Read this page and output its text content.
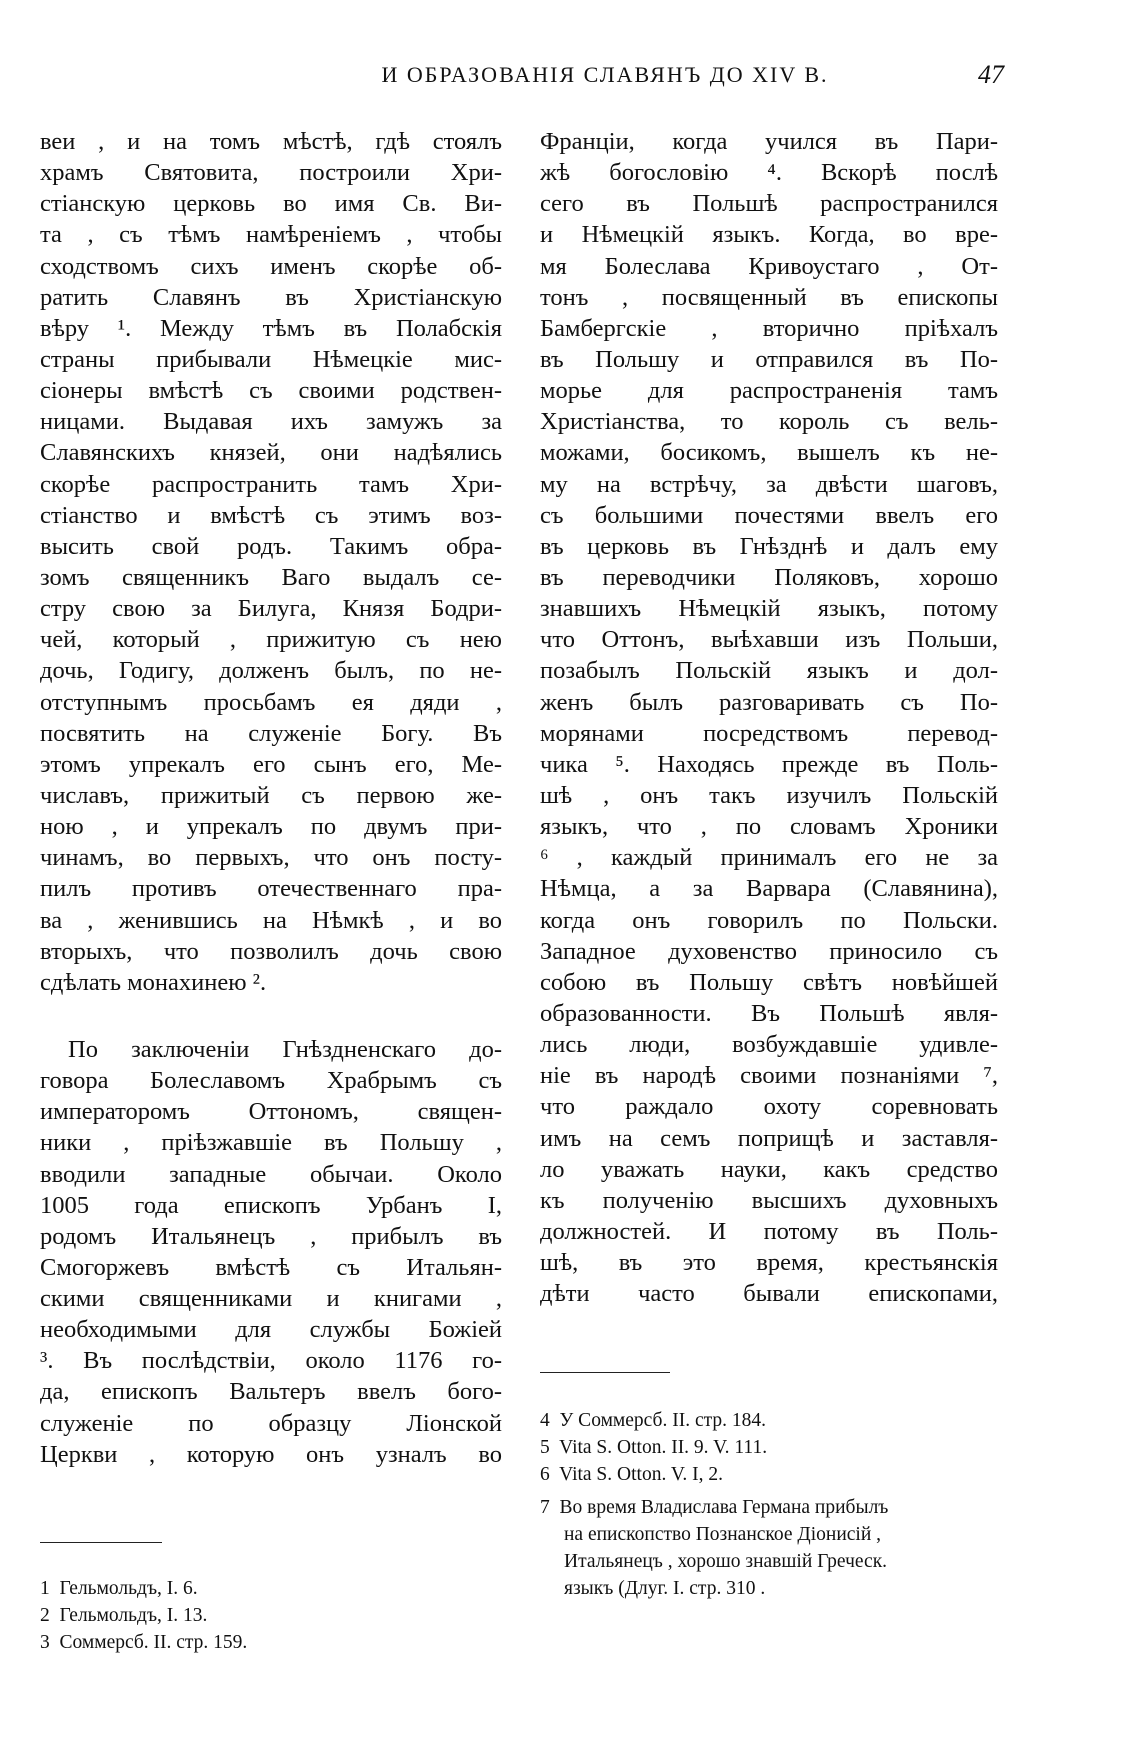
И ОБРАЗОВАНІЯ СЛАВЯНЪ ДО XIV В.	47
веи , и на томъ мѣстѣ, гдѣ стоялъ
храмъ Святовита, построили Хри-
стіанскую церковь во имя Св. Ви-
та , съ тѣмъ намѣреніемъ , чтобы
сходствомъ сихъ именъ скорѣе об-
ратить Славянъ въ Христіанскую
вѣру ¹. Между тѣмъ въ Полабскія
страны прибывали Нѣмецкіе мис-
сіонеры вмѣстѣ съ своими родствен-
ницами. Выдавая ихъ замужъ за
Славянскихъ князей, они надѣялись
скорѣе распространить тамъ Хри-
стіанство и вмѣстѣ съ этимъ воз-
высить свой родъ. Такимъ обра-
зомъ священникъ Ваго выдалъ се-
стру свою за Билуга, Князя Бодри-
чей, который , прижитую съ нею
дочь, Годигу, долженъ былъ, по не-
отступнымъ просьбамъ ея дяди ,
посвятить на служеніе Богу. Въ
этомъ упрекалъ его сынъ его, Ме-
числавъ, прижитый съ первою же-
ною , и упрекалъ по двумъ при-
чинамъ, во первыхъ, что онъ посту-
пилъ противъ отечественнаго пра-
ва , женившись на Нѣмкѣ , и во
вторыхъ, что позволилъ дочь свою
сдѣлать монахинею ².
По заключеніи Гнѣздненскаго до-
говора Болеславомъ Храбрымъ съ
императоромъ Оттономъ, священ-
ники , пріѣзжавшіе въ Польшу ,
вводили западные обычаи. Около
1005 года епископъ Урбанъ I,
родомъ Итальянецъ , прибылъ въ
Смогоржевъ вмѣстѣ съ Итальян-
скими священниками и книгами ,
необходимыми для службы Божіей
³. Въ послѣдствіи, около 1176 го-
да, епископъ Вальтеръ ввелъ бого-
служеніе по образцу Ліонской
Церкви , которую онъ узналъ во
Франціи, когда учился въ Пари-
жѣ богословію ⁴. Вскорѣ послѣ
сего въ Польшѣ распространился
и Нѣмецкій языкъ. Когда, во вре-
мя Болеслава Кривоустаго , От-
тонъ , посвященный въ епископы
Бамбергскіе , вторично пріѣхалъ
въ Польшу и отправился въ По-
морье для распространенія тамъ
Христіанства, то король съ вель-
можами, босикомъ, вышелъ къ не-
му на встрѣчу, за двѣсти шаговъ,
съ большими почестями ввелъ его
въ церковь въ Гнѣзднѣ и далъ ему
въ переводчики Поляковъ, хорошо
знавшихъ Нѣмецкій языкъ, потому
что Оттонъ, выѣхавши изъ Польши,
позабылъ Польскій языкъ и дол-
женъ былъ разговаривать съ По-
морянами посредствомъ перевод-
чика ⁵. Находясь прежде въ Поль-
шѣ , онъ такъ изучилъ Польскій
языкъ, что , по словамъ Хроники
⁶ , каждый принималъ его не за
Нѣмца, а за Варвара (Славянина),
когда онъ говорилъ по Польски.
Западное духовенство приносило съ
собою въ Польшу свѣтъ новѣйшей
образованности. Въ Польшѣ явля-
лись люди, возбуждавшіе удивле-
ніе въ народѣ своими познаніями ⁷,
что раждало охоту соревновать
имъ на семъ поприщѣ и заставля-
ло уважать науки, какъ средство
къ полученію высшихъ духовныхъ
должностей. И потому въ Поль-
шѣ, въ это время, крестьянскія
дѣти часто бывали епископами,
1 Гельмольдъ, I. 6.
2 Гельмольдъ, I. 13.
3 Соммерсб. II. стр. 159.
4 У Соммерсб. II. стр. 184.
5 Vita S. Otton. II. 9. V. 111.
6 Vita S. Otton. V. I, 2.
7 Во время Владислава Германа прибылъ
на епископство Познанское Діонисій ,
Итальянецъ , хорошо знавшій Греческ.
языкъ (Длуг. I. стр. 310 .
